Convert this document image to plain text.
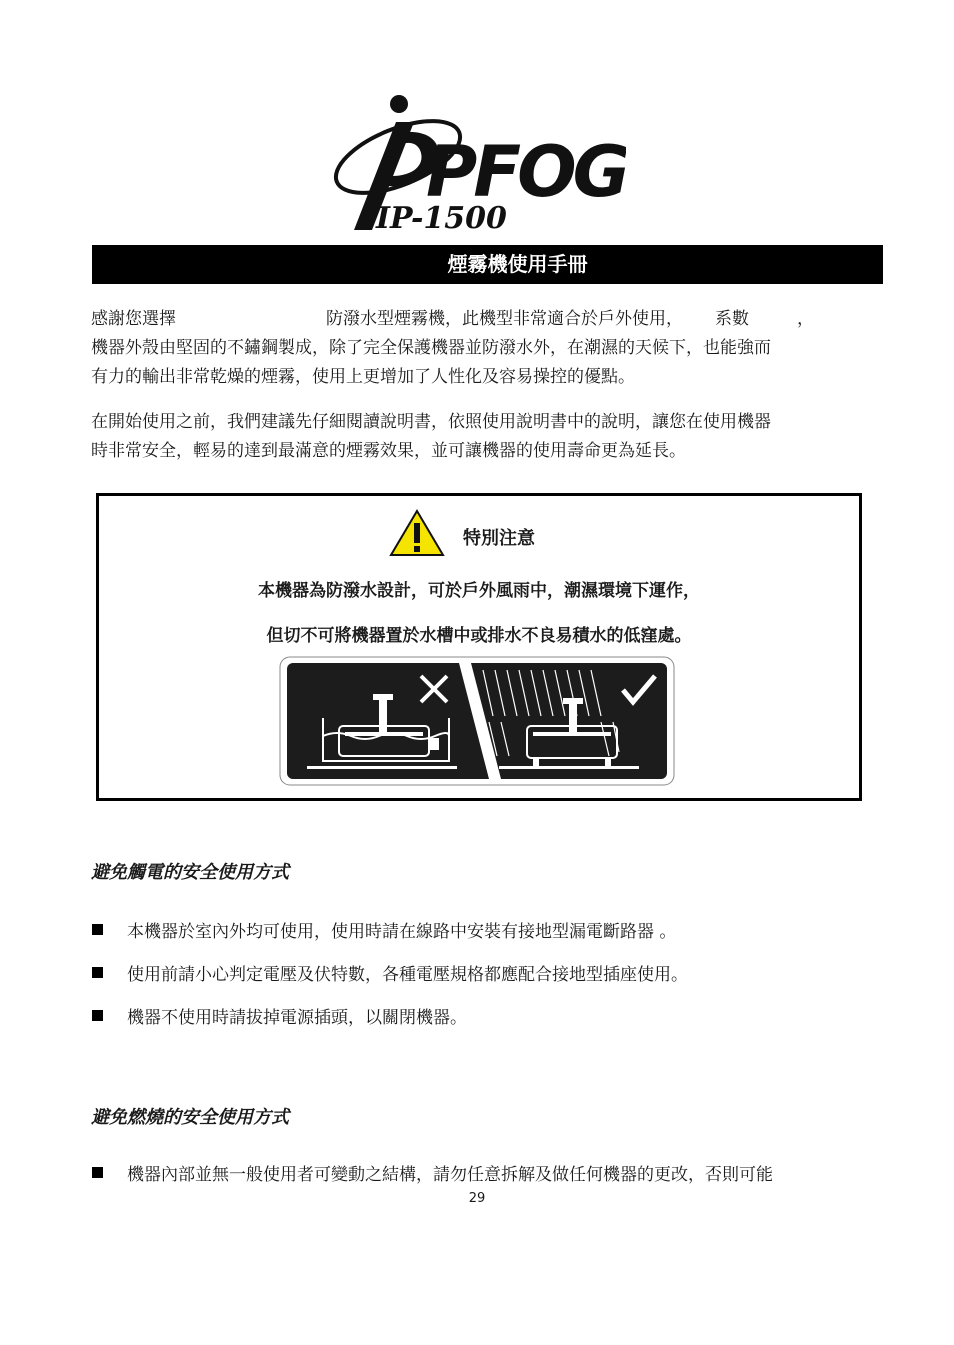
PFOG
IP-1500
煙霧機使用手冊
感謝您選擇	防潑水型煙霧機，此機型非常適合於戶外使用， 系數	，
機器外殼由堅固的不鏽鋼製成，除了完全保護機器並防潑水外，在潮濕的天候下，也能強而
有力的輸出非常乾燥的煙霧，使用上更增加了人性化及容易操控的優點。
在開始使用之前，我們建議先仔細閱讀說明書，依照使用說明書中的說明，讓您在使用機器
時非常安全，輕易的達到最滿意的煙霧效果，並可讓機器的使用壽命更為延長。
特別注意
本機器為防潑水設計，可於戶外風雨中，潮濕環境下運作，
但切不可將機器置於水槽中或排水不良易積水的低窪處。
避免觸電的安全使用方式
本機器於室內外均可使用，使用時請在線路中安裝有接地型漏電斷路器 。
使用前請小心判定電壓及伏特數，各種電壓規格都應配合接地型插座使用。
機器不使用時請拔掉電源插頭，以關閉機器。
避免燃燒的安全使用方式
機器內部並無一般使用者可變動之結構，請勿任意拆解及做任何機器的更改，否則可能
29
